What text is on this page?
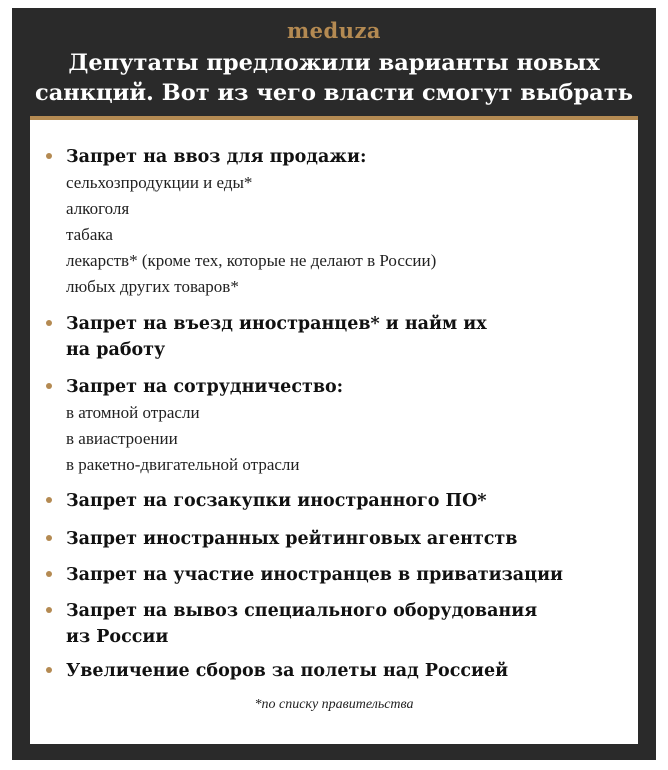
meduza
Депутаты предложили варианты новых
санкций. Вот из чего власти смогут выбрать
Запрет на ввоз для продажи:
сельхозпродукции и еды*
алкоголя
табака
лекарств* (кроме тех, которые не делают в России)
любых других товаров*
Запрет на въезд иностранцев* и найм их
на работу
Запрет на сотрудничество:
в атомной отрасли
в авиастроении
в ракетно-двигательной отрасли
Запрет на госзакупки иностранного ПО*
Запрет иностранных рейтинговых агентств
Запрет на участие иностранцев в приватизации
Запрет на вывоз специального оборудования
из России
Увеличение сборов за полеты над Россией
*по списку правительства
